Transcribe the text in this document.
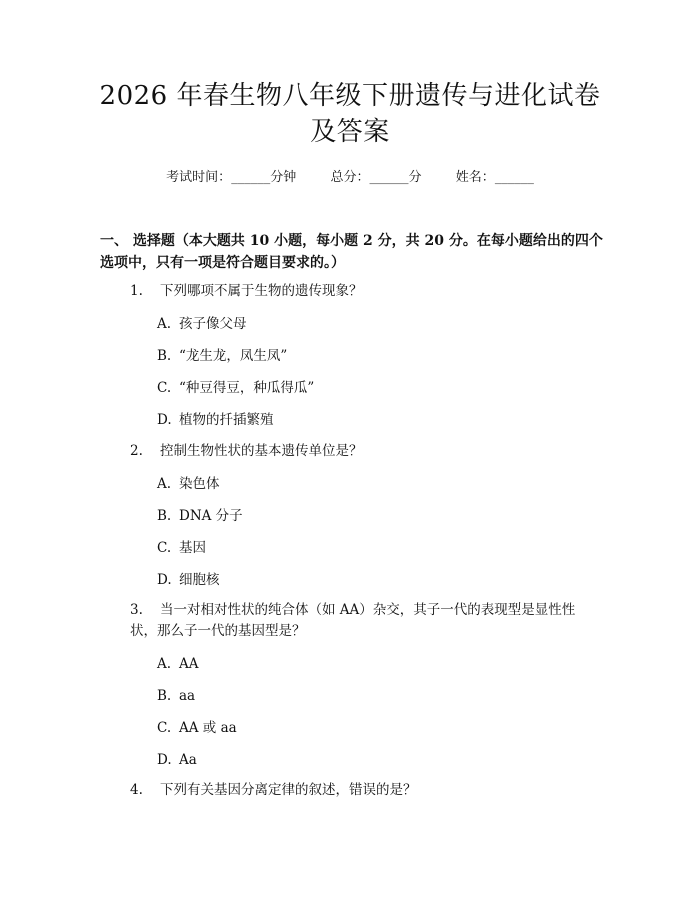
2026 年春生物八年级下册遗传与进化试卷及答案
考试时间：______分钟	总分：______分	姓名：______
一、 选择题（本大题共 10 小题，每小题 2 分，共 20 分。在每小题给出的四个选项中，只有一项是符合题目要求的。）
1. 下列哪项不属于生物的遗传现象？
A. 孩子像父母
B. “龙生龙，凤生凤”
C. “种豆得豆，种瓜得瓜”
D. 植物的扦插繁殖
2. 控制生物性状的基本遗传单位是？
A. 染色体
B. DNA 分子
C. 基因
D. 细胞核
3. 当一对相对性状的纯合体（如 AA）杂交，其子一代的表现型是显性性状，那么子一代的基因型是？
A. AA
B. aa
C. AA 或 aa
D. Aa
4. 下列有关基因分离定律的叙述，错误的是？
